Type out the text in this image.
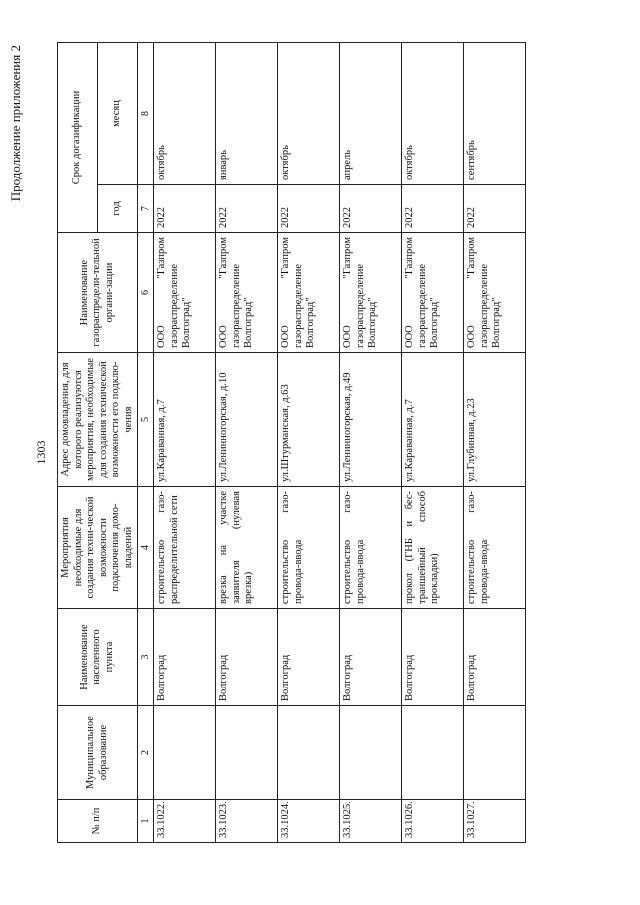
1303
Продолжение приложения 2
№ п/п	Муниципальное образование	Наименование населенного пункта	Мероприятия необходимые для создания техни-ческой возможности подключения домо-владений	Адрес домовладения, для которого реализуются мероприятия, необходимые для создания технической возможности его подклю-чения	Наименование газораспредели-тельной органи-зации	Срок догазификации	
						год	месяц
1	2	3	4	5	6	7	8
33.1022.		Волгоград	строительство газо-распределительной сети	ул.Караванная, д.7	ООО "Газпром газораспределение Волгоград"	2022	октябрь
33.1023.		Волгоград	врезка на участке заявителя (нулевая врезка)	ул.Ленинногорская, д.10	ООО "Газпром газораспределение Волгоград"	2022	январь
33.1024.		Волгоград	строительство газо-провода-ввода	ул.Штурманская, д.63	ООО "Газпром газораспределение Волгоград"	2022	октябрь
33.1025.		Волгоград	строительство газо-провода-ввода	ул.Ленинногорская, д.49	ООО "Газпром газораспределение Волгоград"	2022	апрель
33.1026.		Волгоград	прокол (ГНБ и бес-траншейный способ прокладки)	ул.Караванная, д.7	ООО "Газпром газораспределение Волгоград"	2022	октябрь
33.1027.		Волгоград	строительство газо-провода-ввода	ул.Глубинная, д.23	ООО "Газпром газораспределение Волгоград"	2022	сентябрь
